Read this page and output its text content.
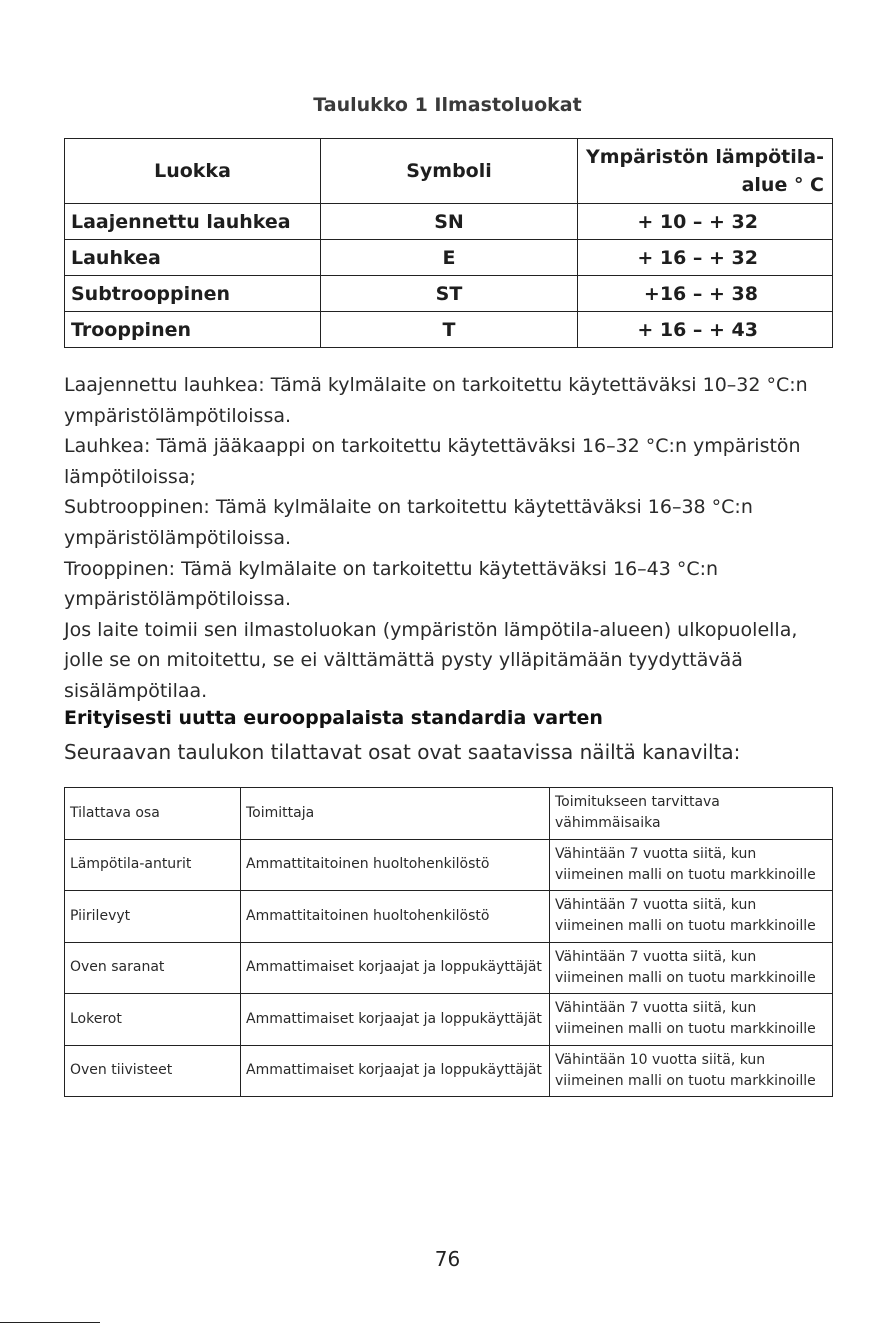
Taulukko 1 Ilmastoluokat
Luokka	Symboli	Ympäristön lämpötila-alue ° C
Laajennettu lauhkea	SN	+ 10 – + 32
Lauhkea	E	+ 16 – + 32
Subtrooppinen	ST	+16 – + 38
Trooppinen	T	+ 16 – + 43

Laajennettu lauhkea: Tämä kylmälaite on tarkoitettu käytettäväksi 10–32 °C:n ympäristölämpötiloissa.

Lauhkea: Tämä jääkaappi on tarkoitettu käytettäväksi 16–32 °C:n ympäristön lämpötiloissa;

Subtrooppinen: Tämä kylmälaite on tarkoitettu käytettäväksi 16–38 °C:n ympäristölämpötiloissa.

Trooppinen: Tämä kylmälaite on tarkoitettu käytettäväksi 16–43 °C:n ympäristölämpötiloissa.

Jos laite toimii sen ilmastoluokan (ympäristön lämpötila-alueen) ulkopuolella, jolle se on mitoitettu, se ei välttämättä pysty ylläpitämään tyydyttävää sisälämpötilaa.

Erityisesti uutta eurooppalaista standardia varten
Seuraavan taulukon tilattavat osat ovat saatavissa näiltä kanavilta:
Tilattava osa	Toimittaja	Toimitukseen tarvittava vähimmäisaika
Lämpötila-anturit	Ammattitaitoinen huoltohenkilöstö	Vähintään 7 vuotta siitä, kun viimeinen malli on tuotu markkinoille
Piirilevyt	Ammattitaitoinen huoltohenkilöstö	Vähintään 7 vuotta siitä, kun viimeinen malli on tuotu markkinoille
Oven saranat	Ammattimaiset korjaajat ja loppukäyttäjät	Vähintään 7 vuotta siitä, kun viimeinen malli on tuotu markkinoille
Lokerot	Ammattimaiset korjaajat ja loppukäyttäjät	Vähintään 7 vuotta siitä, kun viimeinen malli on tuotu markkinoille
Oven tiivisteet	Ammattimaiset korjaajat ja loppukäyttäjät	Vähintään 10 vuotta siitä, kun viimeinen malli on tuotu markkinoille
76
